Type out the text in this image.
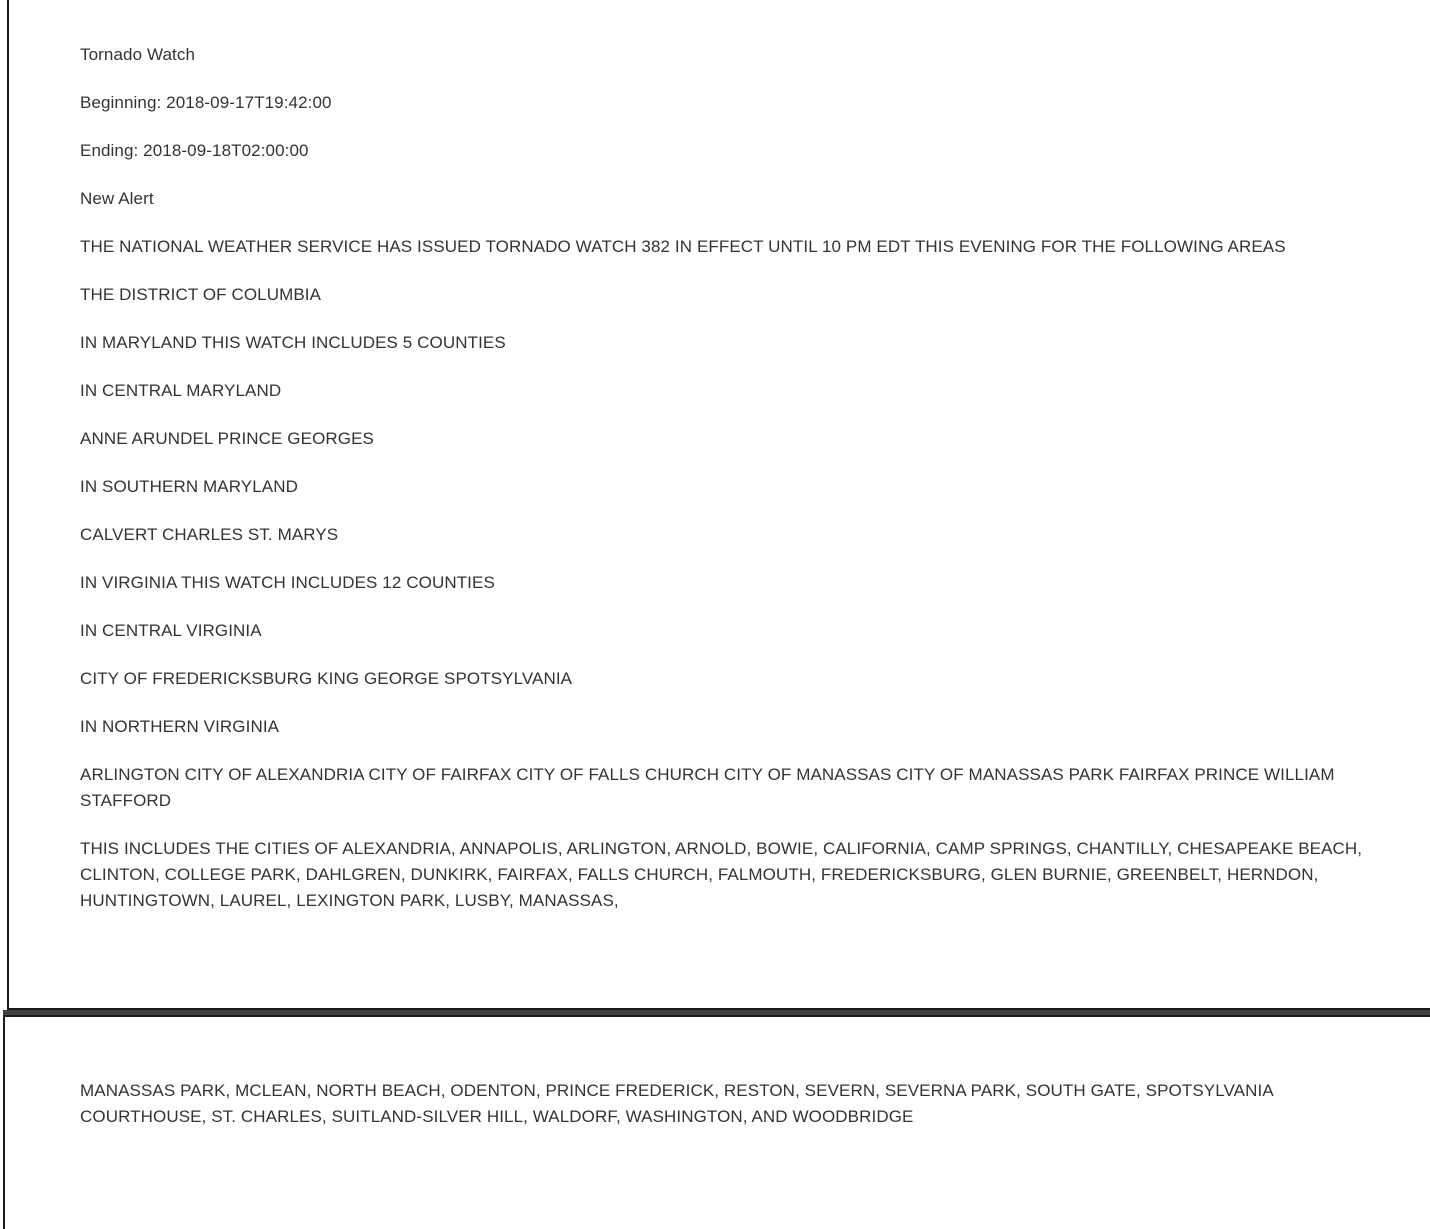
Tornado Watch

Beginning: 2018-09-17T19:42:00

Ending: 2018-09-18T02:00:00

New Alert

THE NATIONAL WEATHER SERVICE HAS ISSUED TORNADO WATCH 382 IN EFFECT UNTIL 10 PM EDT THIS EVENING FOR THE FOLLOWING AREAS

THE DISTRICT OF COLUMBIA

IN MARYLAND THIS WATCH INCLUDES 5 COUNTIES

IN CENTRAL MARYLAND

ANNE ARUNDEL PRINCE GEORGES

IN SOUTHERN MARYLAND

CALVERT CHARLES ST. MARYS

IN VIRGINIA THIS WATCH INCLUDES 12 COUNTIES

IN CENTRAL VIRGINIA

CITY OF FREDERICKSBURG KING GEORGE SPOTSYLVANIA

IN NORTHERN VIRGINIA

ARLINGTON CITY OF ALEXANDRIA CITY OF FAIRFAX CITY OF FALLS CHURCH CITY OF MANASSAS CITY OF MANASSAS PARK FAIRFAX PRINCE WILLIAM STAFFORD

THIS INCLUDES THE CITIES OF ALEXANDRIA, ANNAPOLIS, ARLINGTON, ARNOLD, BOWIE, CALIFORNIA, CAMP SPRINGS, CHANTILLY, CHESAPEAKE BEACH, CLINTON, COLLEGE PARK, DAHLGREN, DUNKIRK, FAIRFAX, FALLS CHURCH, FALMOUTH, FREDERICKSBURG, GLEN BURNIE, GREENBELT, HERNDON, HUNTINGTOWN, LAUREL, LEXINGTON PARK, LUSBY, MANASSAS,

MANASSAS PARK, MCLEAN, NORTH BEACH, ODENTON, PRINCE FREDERICK, RESTON, SEVERN, SEVERNA PARK, SOUTH GATE, SPOTSYLVANIA COURTHOUSE, ST. CHARLES, SUITLAND-SILVER HILL, WALDORF, WASHINGTON, AND WOODBRIDGE
